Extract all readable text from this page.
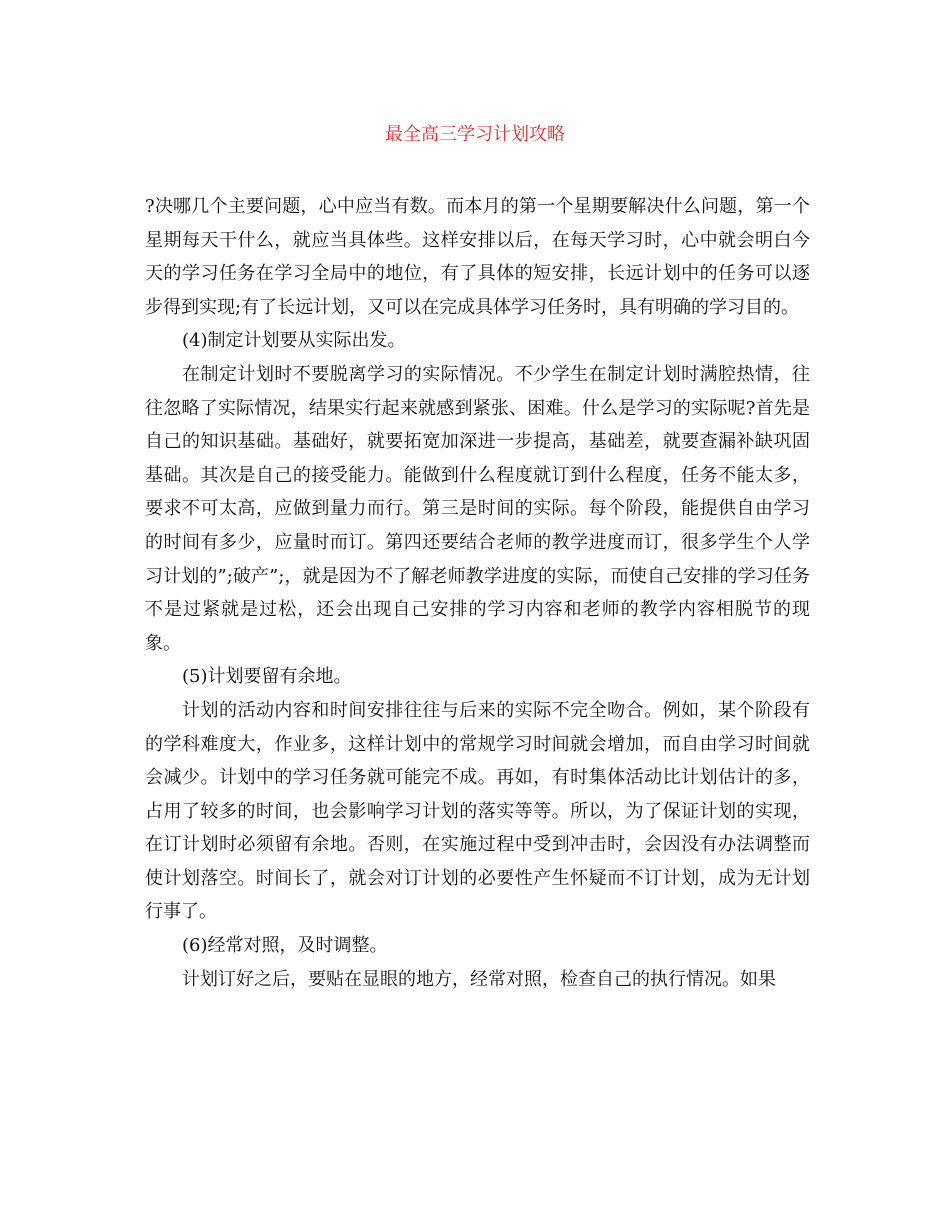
最全高三学习计划攻略

?决哪几个主要问题，心中应当有数。而本月的第一个星期要解决什么问题，第一个星期每天干什么，就应当具体些。这样安排以后，在每天学习时，心中就会明白今天的学习任务在学习全局中的地位，有了具体的短安排，长远计划中的任务可以逐步得到实现;有了长远计划，又可以在完成具体学习任务时，具有明确的学习目的。

(4)制定计划要从实际出发。

在制定计划时不要脱离学习的实际情况。不少学生在制定计划时满腔热情，往往忽略了实际情况，结果实行起来就感到紧张、困难。什么是学习的实际呢?首先是自己的知识基础。基础好，就要拓宽加深进一步提高，基础差，就要查漏补缺巩固基础。其次是自己的接受能力。能做到什么程度就订到什么程度，任务不能太多，要求不可太高，应做到量力而行。第三是时间的实际。每个阶段，能提供自由学习的时间有多少，应量时而订。第四还要结合老师的教学进度而订，很多学生个人学习计划的”;破产”;，就是因为不了解老师教学进度的实际，而使自己安排的学习任务不是过紧就是过松，还会出现自己安排的学习内容和老师的教学内容相脱节的现象。

(5)计划要留有余地。

计划的活动内容和时间安排往往与后来的实际不完全吻合。例如，某个阶段有的学科难度大，作业多，这样计划中的常规学习时间就会增加，而自由学习时间就会减少。计划中的学习任务就可能完不成。再如，有时集体活动比计划估计的多，占用了较多的时间，也会影响学习计划的落实等等。所以，为了保证计划的实现，在订计划时必须留有余地。否则，在实施过程中受到冲击时，会因没有办法调整而使计划落空。时间长了，就会对订计划的必要性产生怀疑而不订计划，成为无计划行事了。

(6)经常对照，及时调整。

计划订好之后，要贴在显眼的地方，经常对照，检查自己的执行情况。如果
